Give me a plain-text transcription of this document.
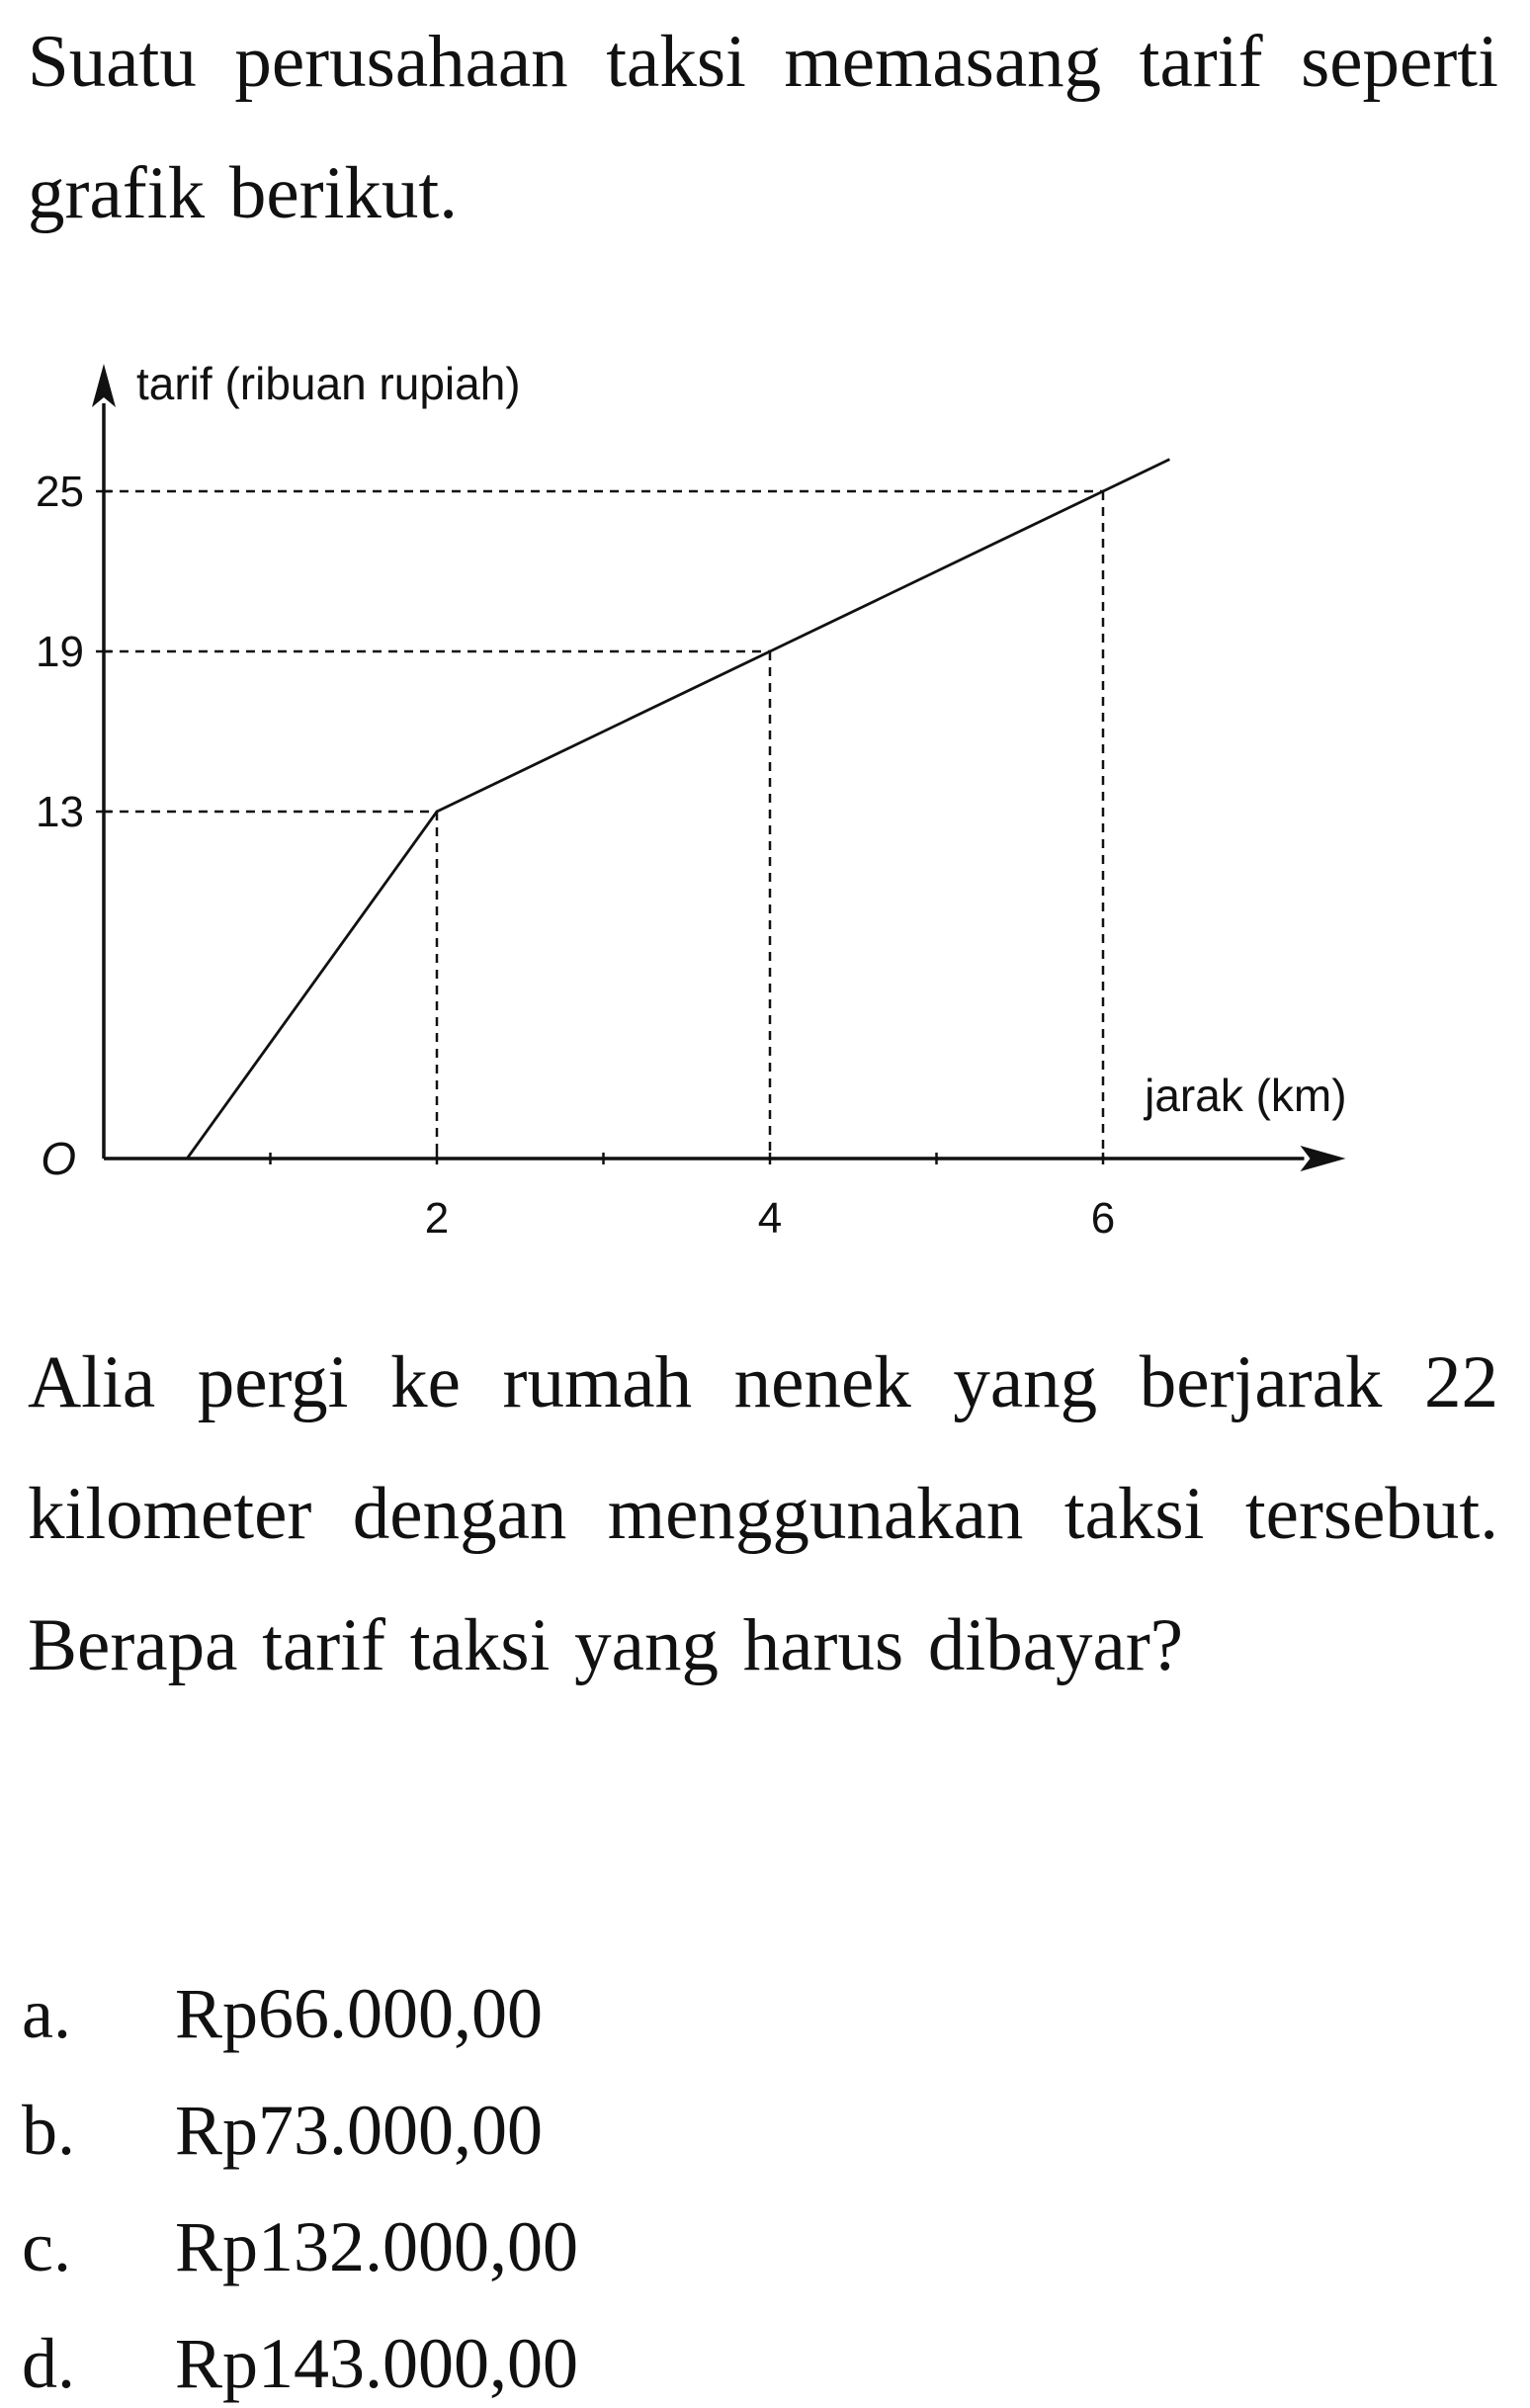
Suatu perusahaan taksi memasang tarif seperti grafik berikut.
2	4	6
13
19
25
O
tarif (ribuan rupiah)
jarak (km)
Alia pergi ke rumah nenek yang berjarak 22 kilometer dengan menggunakan taksi tersebut. Berapa tarif taksi yang harus dibayar?
a. Rp66.000,00
b. Rp73.000,00
c. Rp132.000,00
d. Rp143.000,00
